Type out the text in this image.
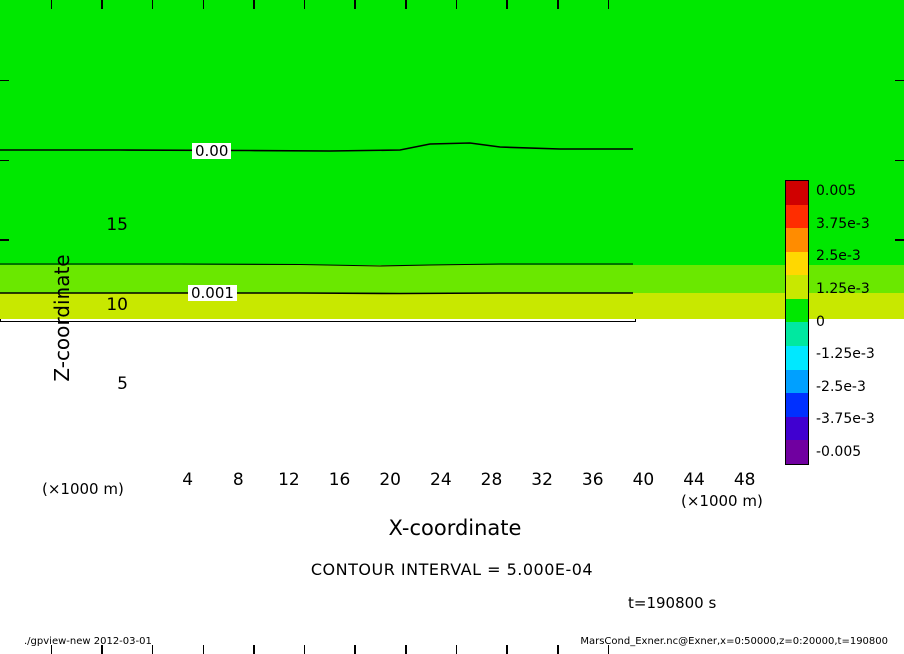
0.00
0.001
4 8 12 16 20 24 28 32 36 40 44 48
5
10
15
Z-coordinate
X-coordinate
(×1000 m)
(×1000 m)
0.005
3.75e-3
2.5e-3
1.25e-3
0
-1.25e-3
-2.5e-3
-3.75e-3
-0.005
CONTOUR INTERVAL = 5.000E-04
t=190800 s
./gpview-new 2012-03-01	MarsCond_Exner.nc@Exner,x=0:50000,z=0:20000,t=190800
